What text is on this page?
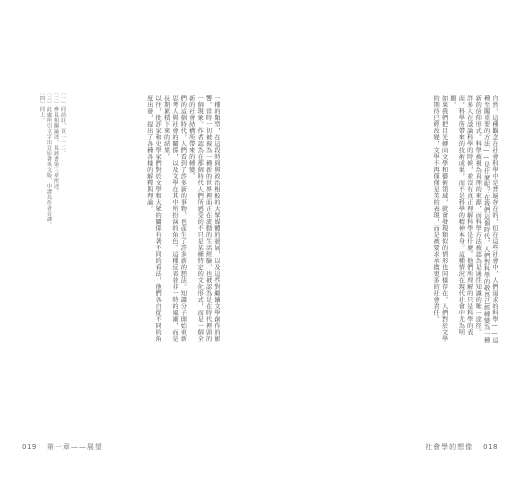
一種的類型，在這段時間與政治相較的大眾媒體的發展，以及這些對繼續文學創作的影響。當時一切被視為一種新的世界裡面正在流動的生活經驗，也被認為是在時代裡頭的一個現象。作者認為在那個時代人們所感受的不只是某種特定的文化形式，而是一個全新的社會結構所帶來的轉變。
們的這個時代，人們看到了許多新的事物，也產生了許多新的想法。知識分子開始重新思考人與社會的關係，以及文學在其中所扮演的角色。這種反省並非一時的風潮，而是長期累積下來的結果。
以往，批評家和史學家們對於文學和大眾的關係有著不同的看法，他們各自從不同的角度出發，提出了各種各樣的解釋與理論。
〔一〕同前註，頁一一二。
〔二〕參見相關論述，見該書第三章所述。
〔三〕此處所引文字出自原著英文版，中譯為作者自譯。
〔四〕同上。
019 第一章——展望
自然，這種觀念在社會科學中是普遍存在的，但在這些社會中，人們追求的科學——這種至關重要的方法——是什麼呢？在我們這個時代，人們對科學的敬畏已經轉變為一種新的信仰形式。科學被視為真理的來源，而科學方法被認為是通往知識的唯一途徑。
許多人在談論科學的時候，並沒有真正理解科學是什麼。他們所理解的只是科學的表面，科學所帶來的技術成果，而不是科學的精神本身。這種情況在現代社會中尤為明顯。
如果我們把目光轉向文學和藝術領域，就會發現類似的情形也同樣存在。人們對於文學的期待已經改變，文學不再僅僅是美的表現，而是被要求承擔更多的社會責任。
社會學的想像 018
